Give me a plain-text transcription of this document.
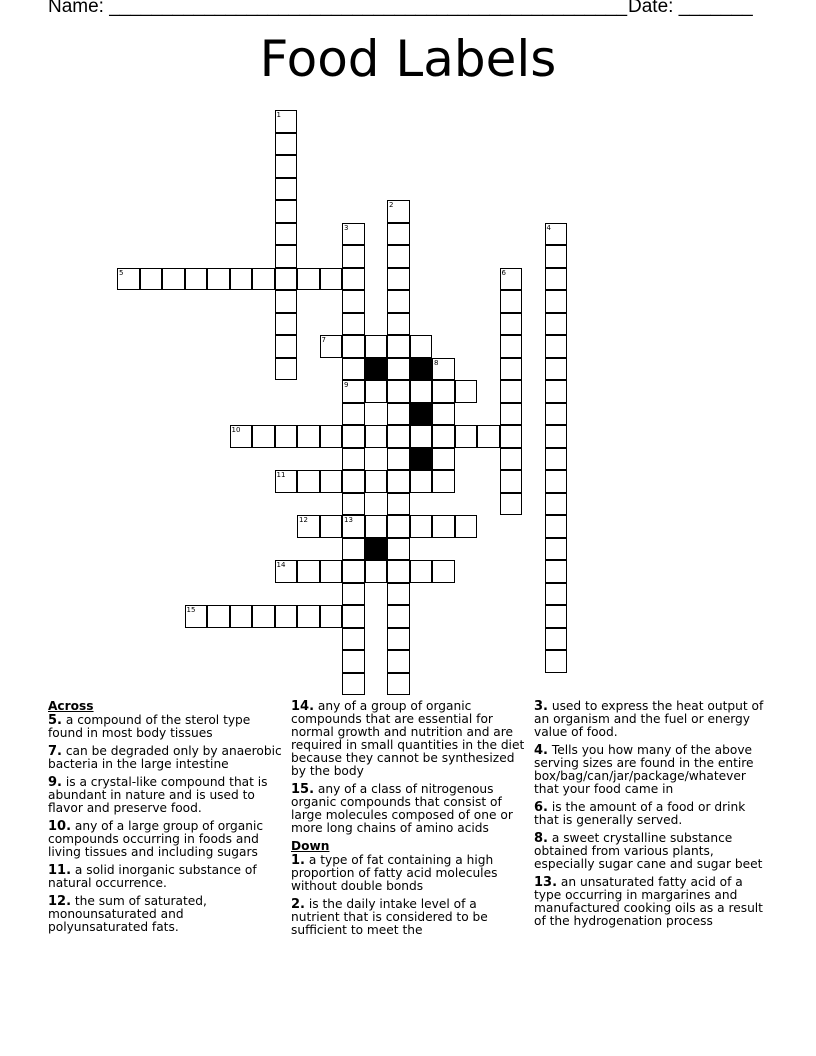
Name: _________________________________________________ Date: _______
Food Labels
1
2
3	4
5	6
7
8
9
10
11
12	13
14
15
Across
5. a compound of the sterol type found in most body tissues
7. can be degraded only by anaerobic bacteria in the large intestine
9. is a crystal-like compound that is abundant in nature and is used to flavor and preserve food.
10. any of a large group of organic compounds occurring in foods and living tissues and including sugars
11. a solid inorganic substance of natural occurrence.
12. the sum of saturated, monounsaturated and polyunsaturated fats.
14. any of a group of organic compounds that are essential for normal growth and nutrition and are required in small quantities in the diet because they cannot be synthesized by the body
15. any of a class of nitrogenous organic compounds that consist of large molecules composed of one or more long chains of amino acids
Down
1. a type of fat containing a high proportion of fatty acid molecules without double bonds
2. is the daily intake level of a nutrient that is considered to be sufficient to meet the
3. used to express the heat output of an organism and the fuel or energy value of food.
4. Tells you how many of the above serving sizes are found in the entire box/bag/can/jar/package/whatever that your food came in
6. is the amount of a food or drink that is generally served.
8. a sweet crystalline substance obtained from various plants, especially sugar cane and sugar beet
13. an unsaturated fatty acid of a type occurring in margarines and manufactured cooking oils as a result of the hydrogenation process
